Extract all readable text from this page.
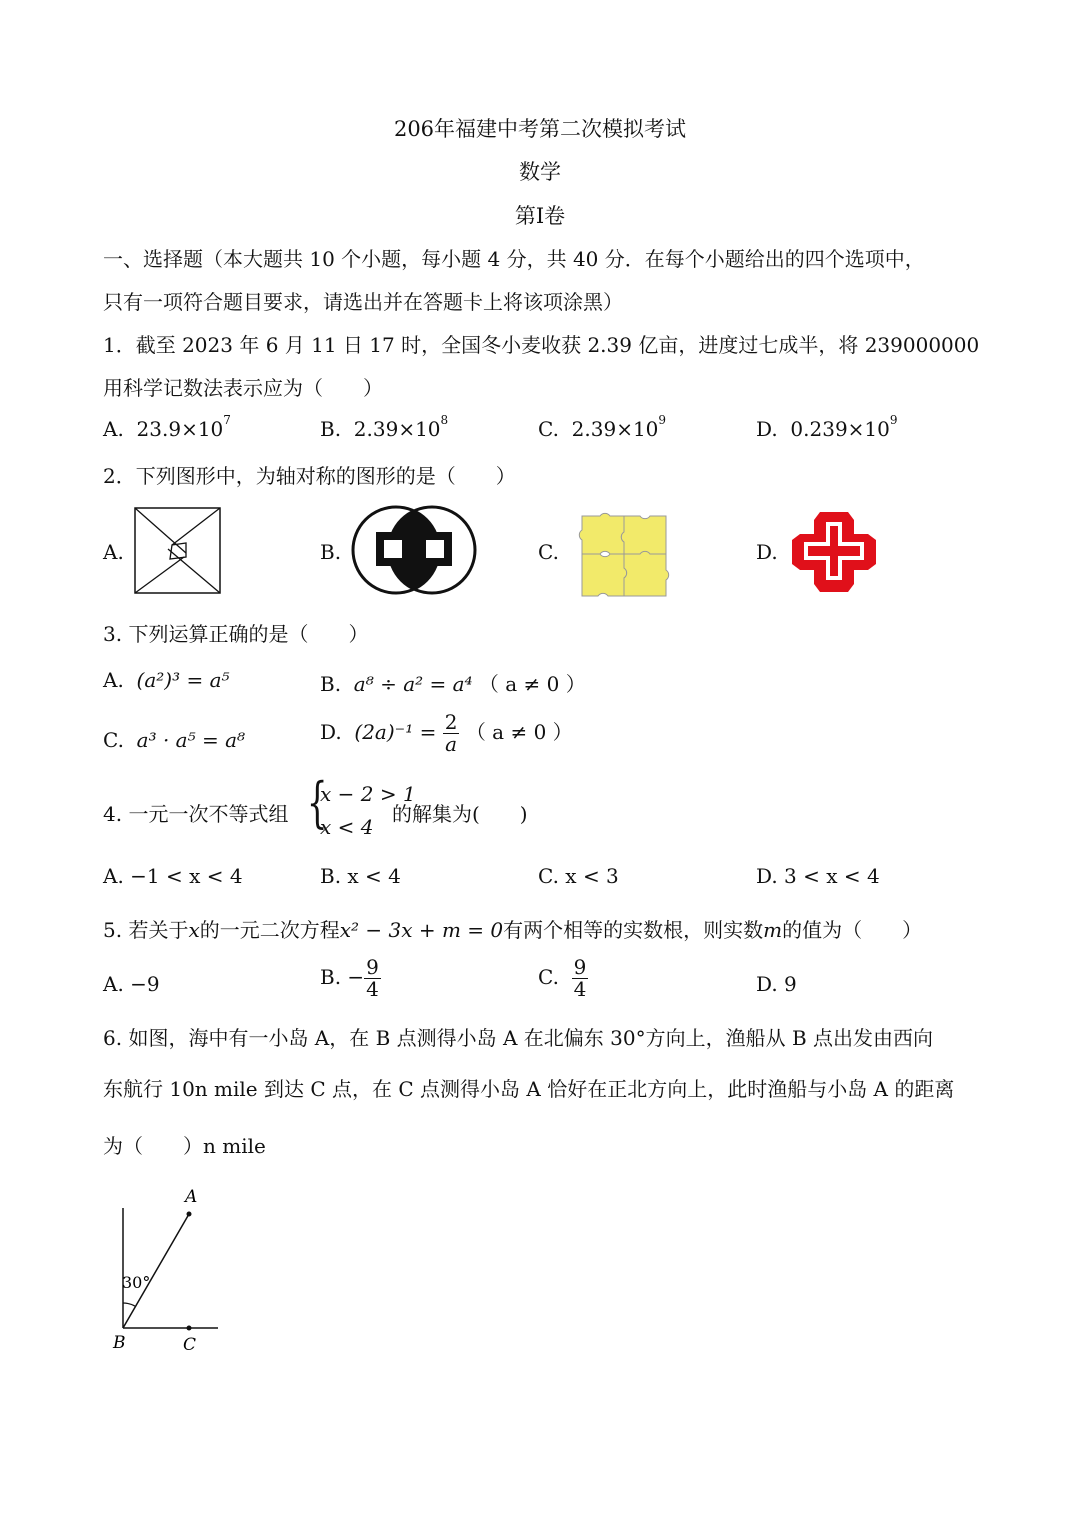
206年福建中考第二次模拟考试
数学
第Ⅰ卷
一、选择题（本大题共 10 个小题，每小题 4 分，共 40 分．在每个小题给出的四个选项中，
只有一项符合题目要求，请选出并在答题卡上将该项涂黑）
1．截至 2023 年 6 月 11 日 17 时，全国冬小麦收获 2.39 亿亩，进度过七成半，将 239000000
用科学记数法表示应为（　　）
A. $23.9\times 10^7$	B. $2.39\times 10^8$	C. $2.39\times 10^9$	D. $0.239\times 10^9$
2．下列图形中，为轴对称的图形的是（　　）
A.	B.	C.	D.
3. 下列运算正确的是（　　）
A. (a²)³ = a⁵	B. a⁸ ÷ a² = a⁴ （ a ≠ 0 ）
C. a³ · a⁵ = a⁸	D. $(2a)^{-1} = \frac{2}{a}$ （ a ≠ 0 ）
4. 一元一次不等式组 {
x − 2 > 1
x < 4
的解集为(　　)
A. −1 < x < 4	B. x < 4	C. x < 3	D. 3 < x < 4
5. 若关于x的一元二次方程x² − 3x + m = 0有两个相等的实数根，则实数m的值为（　　）
A. −9	B. − $\frac{9}{4}$	C. $\frac{9}{4}$	D. 9
6. 如图，海中有一小岛 A，在 B 点测得小岛 A 在北偏东 30°方向上，渔船从 B 点出发由西向
东航行 10n mile 到达 C 点，在 C 点测得小岛 A 恰好在正北方向上，此时渔船与小岛 A 的距离
为（　　）n mile
A
B	C
30°
